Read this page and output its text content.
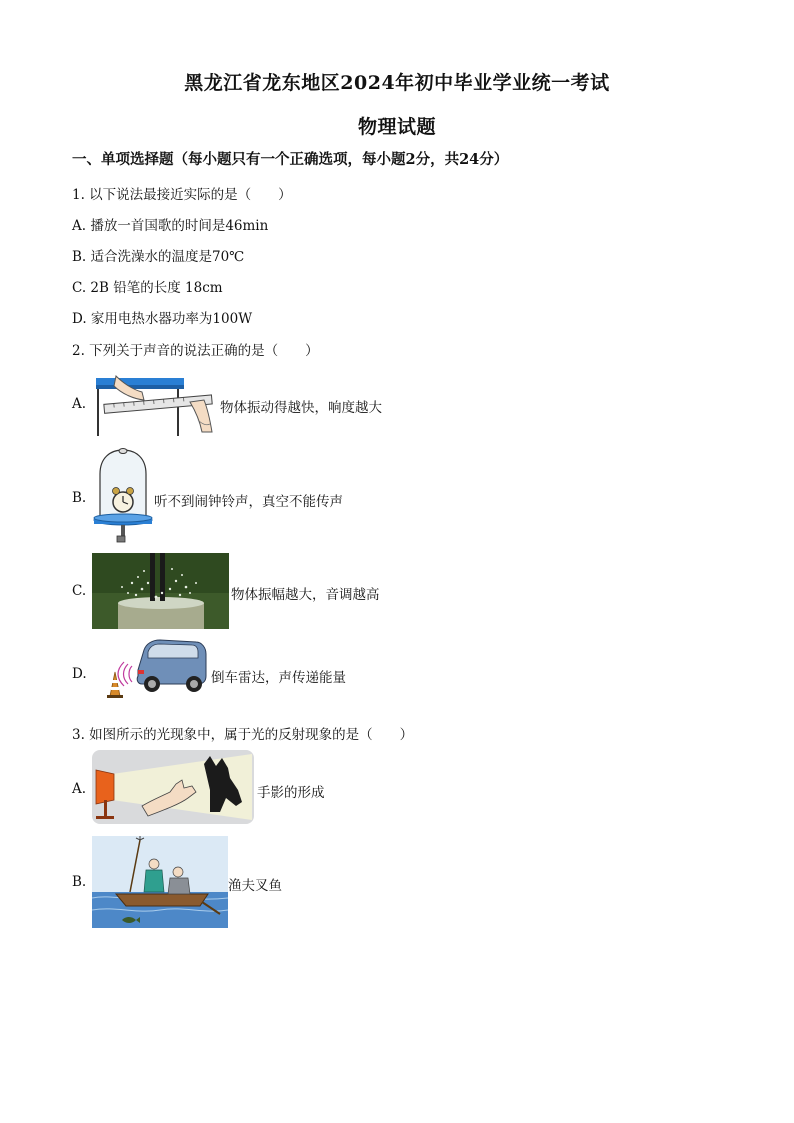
黑龙江省龙东地区2024年初中毕业学业统一考试
物理试题
一、单项选择题（每小题只有一个正确选项，每小题2分，共24分）
1. 以下说法最接近实际的是（　　）
A. 播放一首国歌的时间是46min
B. 适合洗澡水的温度是70℃
C. 2B 铅笔的长度 18cm
D. 家用电热水器功率为100W
2. 下列关于声音的说法正确的是（　　）
A.	物体振动得越快，响度越大
B.	听不到闹钟铃声，真空不能传声
C.	物体振幅越大，音调越高
D.	倒车雷达，声传递能量
3. 如图所示的光现象中，属于光的反射现象的是（　　）
A.	手影的形成
B.	渔夫叉鱼
